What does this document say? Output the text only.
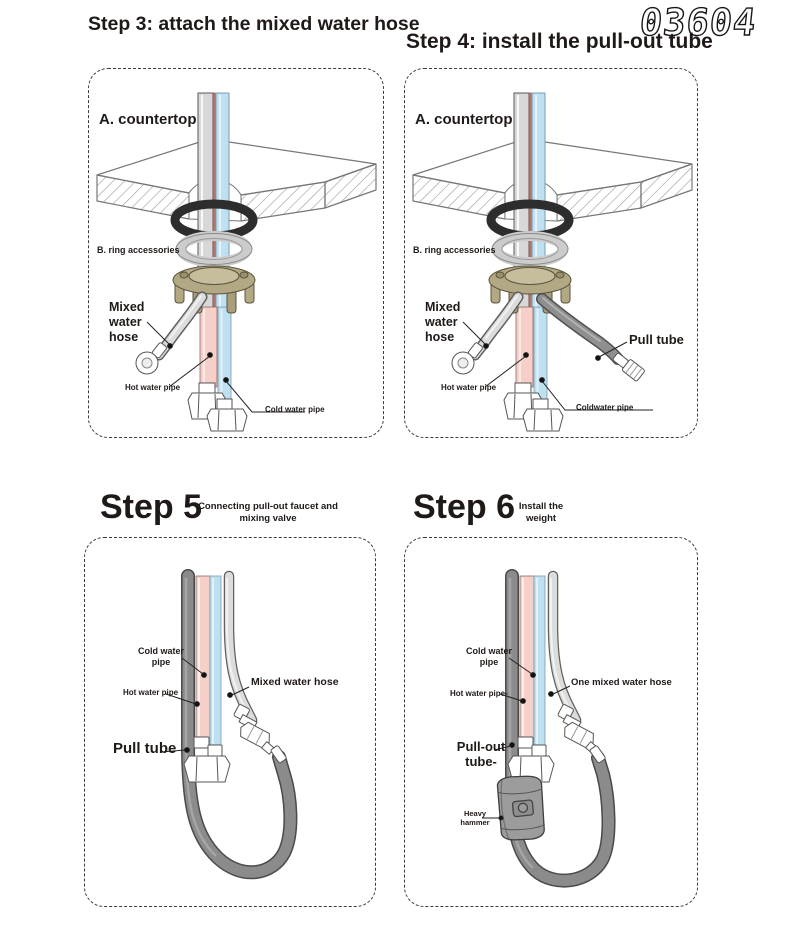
Step 3: attach the mixed water hose
Step 4: install the pull-out tube
03604
Step 5
Connecting pull-out faucet and mixing valve	Step 6 Install the weight
A. countertop
B. ring accessories
Mixed
water
hose
Hot water pipe
Cold water pipe
A. countertop
B. ring accessories
Mixed
water
hose
Hot water pipe
Coldwater pipe
Pull tube
Cold water
pipe
Hot water pipe
Mixed water hose
Pull tube
Cold water
pipe
Hot water pipe-
One mixed water hose
Pull-out
tube-
Heavy
hammer
